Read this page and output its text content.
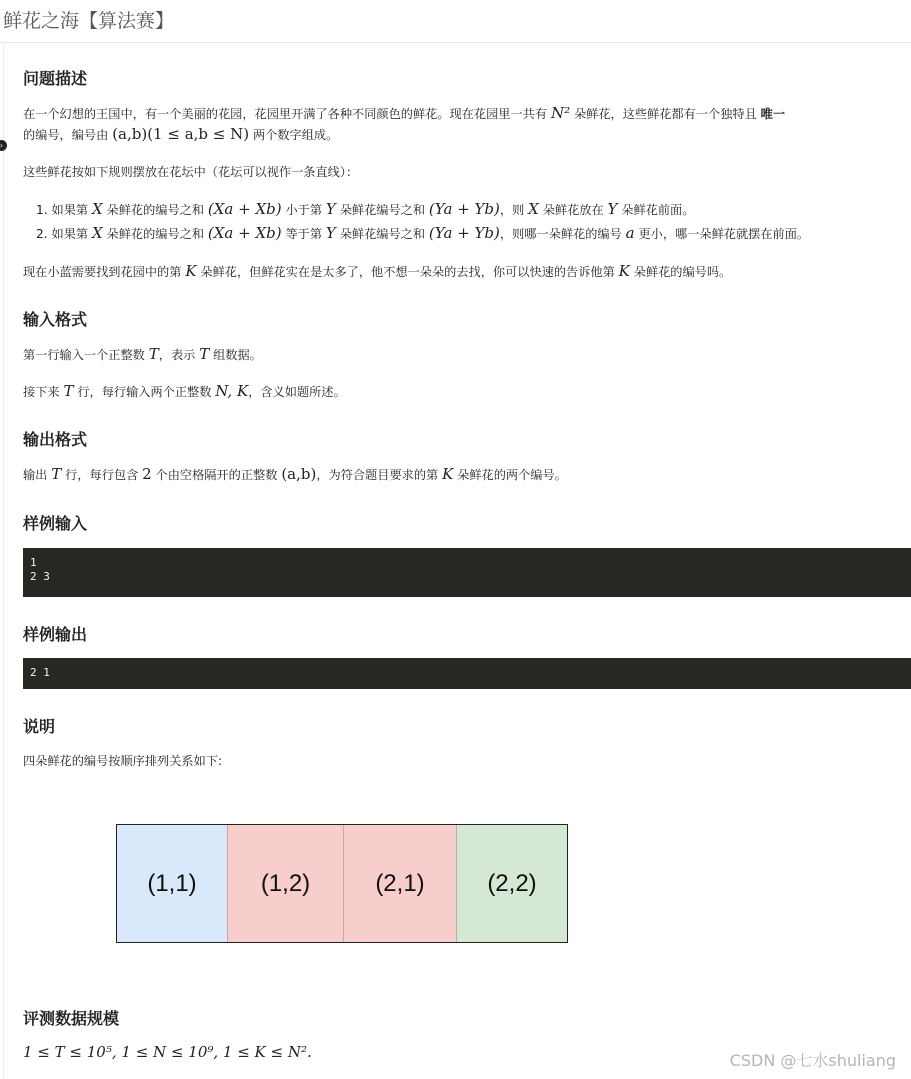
鲜花之海【算法赛】
›
问题描述
在一个幻想的王国中，有一个美丽的花园，花园里开满了各种不同颜色的鲜花。现在花园里一共有 N² 朵鲜花，这些鲜花都有一个独特且 唯一
的编号，编号由 (a,b)(1 ≤ a,b ≤ N) 两个数字组成。
这些鲜花按如下规则摆放在花坛中（花坛可以视作一条直线）：
1. 如果第 X 朵鲜花的编号之和 (Xa + Xb) 小于第 Y 朵鲜花编号之和 (Ya + Yb)，则 X 朵鲜花放在 Y 朵鲜花前面。
2. 如果第 X 朵鲜花的编号之和 (Xa + Xb) 等于第 Y 朵鲜花编号之和 (Ya + Yb)，则哪一朵鲜花的编号 a 更小，哪一朵鲜花就摆在前面。
现在小蓝需要找到花园中的第 K 朵鲜花，但鲜花实在是太多了，他不想一朵朵的去找，你可以快速的告诉他第 K 朵鲜花的编号吗。
输入格式
第一行输入一个正整数 T，表示 T 组数据。
接下来 T 行，每行输入两个正整数 N, K，含义如题所述。
输出格式
输出 T 行，每行包含 2 个由空格隔开的正整数 (a,b)，为符合题目要求的第 K 朵鲜花的两个编号。
样例输入
1
2 3
样例输出
2 1
说明
四朵鲜花的编号按顺序排列关系如下:
评测数据规模
1 ≤ T ≤ 10⁵, 1 ≤ N ≤ 10⁹, 1 ≤ K ≤ N².
(1,1)	(1,2)	(2,1)	(2,2)
CSDN @七水shuliang
